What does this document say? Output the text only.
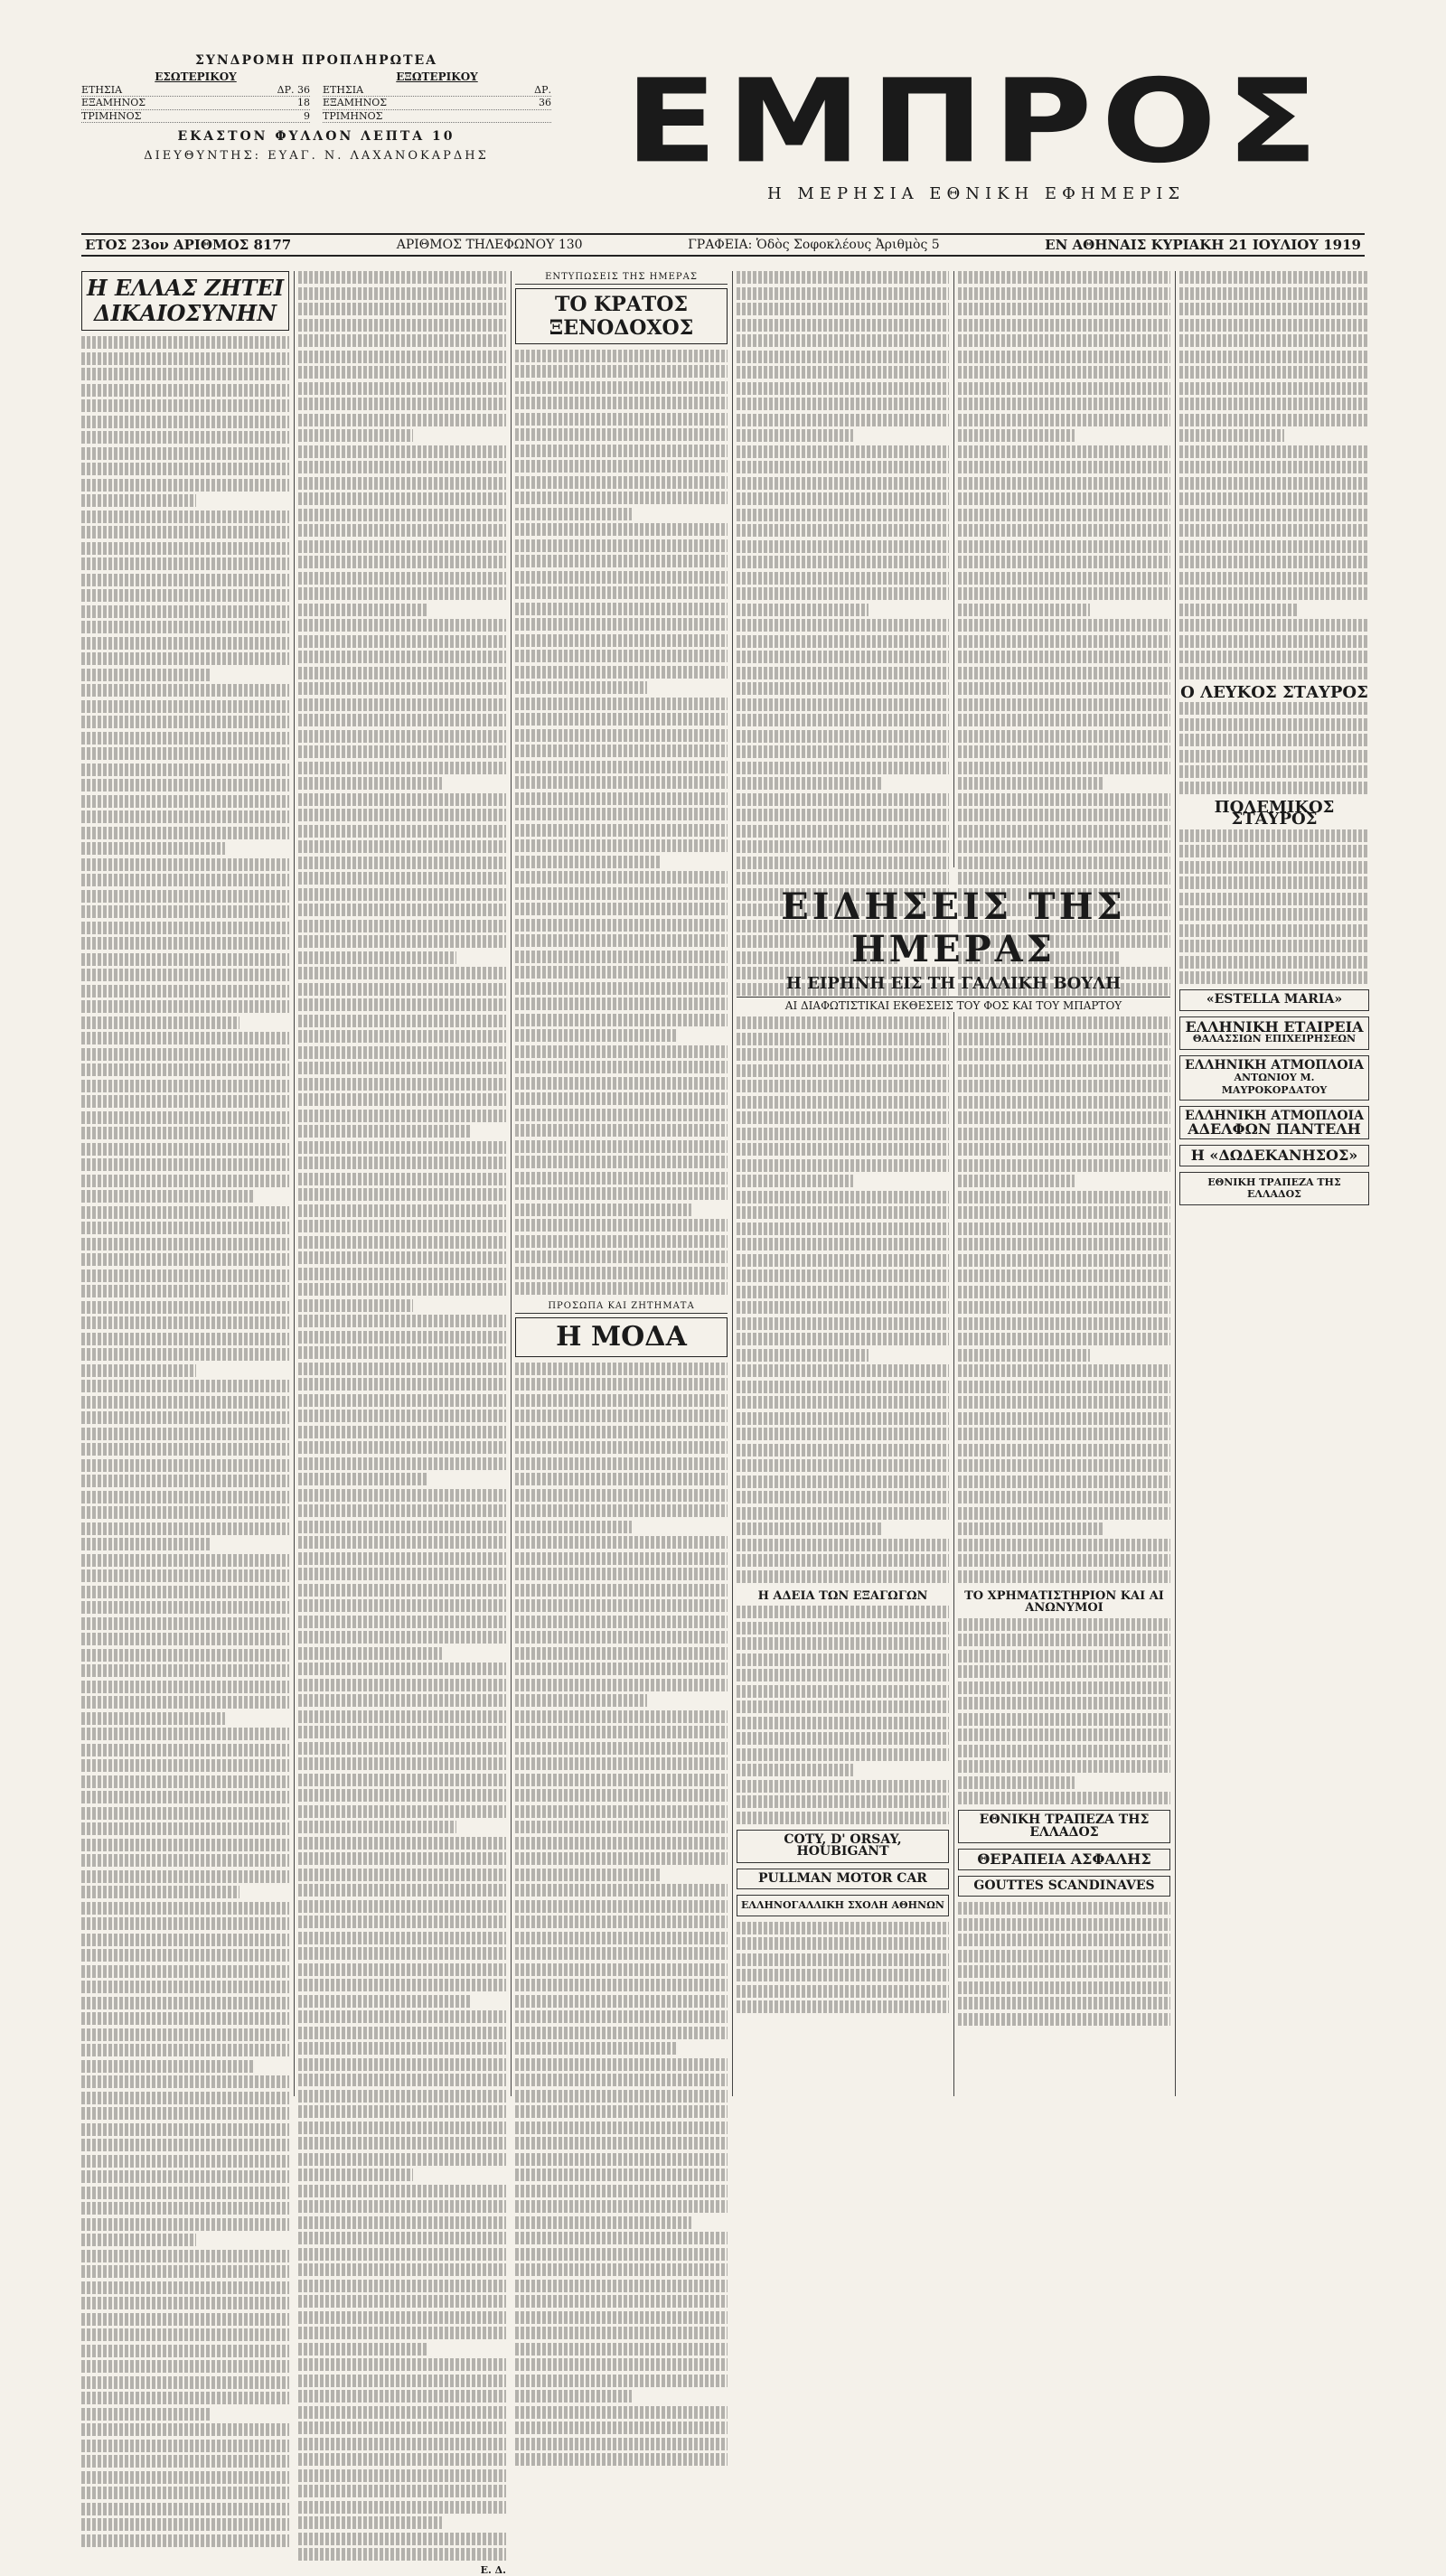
ΣΥΝΔΡΟΜΗ ΠΡΟΠΛΗΡΩΤΕΑ
ΕΣΩΤΕΡΙΚΟΥ
ΕΤΗΣΙΑ	ΔΡ. 36
ΕΞΑΜΗΝΟΣ	18
ΤΡΙΜΗΝΟΣ	9
ΕΞΩΤΕΡΙΚΟΥ
ΕΤΗΣΙΑ	ΔΡ.
ΕΞΑΜΗΝΟΣ	36
ΤΡΙΜΗΝΟΣ
ΕΚΑΣΤΟΝ ΦΥΛΛΟΝ ΛΕΠΤΑ 10
ΔΙΕΥΘΥΝΤΗΣ: ΕΥΑΓ. Ν. ΛΑΧΑΝΟΚΑΡΔΗΣ	ΕΜΠΡΟΣ
Η ΜΕΡΗΣΙΑ ΕΘΝΙΚΗ ΕΦΗΜΕΡΙΣ
ΕΤΟΣ 23ον ΑΡΙΘΜΟΣ 8177	ΑΡΙΘΜΟΣ ΤΗΛΕΦΩΝΟΥ 130	ΓΡΑΦΕΙΑ: Ὁδὸς Σοφοκλέους Ἀριθμὸς 5	ΕΝ ΑΘΗΝΑΙΣ ΚΥΡΙΑΚΗ 21 ΙΟΥΛΙΟΥ 1919
Η ΕΛΛΑΣ ΖΗΤΕΙ ΔΙΚΑΙΟΣΥΝΗΝ
Ε. Δ.
ΕΝΤΥΠΩΣΕΙΣ ΤΗΣ ΗΜΕΡΑΣ
ΤΟ ΚΡΑΤΟΣ ΞΕΝΟΔΟΧΟΣ
ΠΡΟΣΩΠΑ ΚΑΙ ΖΗΤΗΜΑΤΑ
Η ΜΟΔΑ
ΕΙΔΗΣΕΙΣ ΤΗΣ ΗΜΕΡΑΣ
Η ΕΙΡΗΝΗ ΕΙΣ ΤΗ ΓΑΛΛΙΚΗ ΒΟΥΛΗ
ΑΙ ΔΙΑΦΩΤΙΣΤΙΚΑΙ ΕΚΘΕΣΕΙΣ ΤΟΥ ΦΟΣ ΚΑΙ ΤΟΥ ΜΠΑΡΤΟΥ
Η ΑΔΕΙΑ ΤΩΝ ΕΞΑΓΩΓΩΝ
COTY, D' ORSAY, HOUBIGANT
PULLMAN MOTOR CAR
ΕΛΛΗΝΟΓΑΛΛΙΚΗ ΣΧΟΛΗ ΑΘΗΝΩΝ
ΤΟ ΧΡΗΜΑΤΙΣΤΗΡΙΟΝ ΚΑΙ ΑΙ ΑΝΩΝΥΜΟΙ
ΕΘΝΙΚΗ ΤΡΑΠΕΖΑ ΤΗΣ ΕΛΛΑΔΟΣ
ΘΕΡΑΠΕΙΑ ΑΣΦΑΛΗΣ
GOUTTES SCANDINAVES
Ο ΛΕΥΚΟΣ ΣΤΑΥΡΟΣ
ΠΟΛΕΜΙΚΟΣ ΣΤΑΥΡΟΣ
«ESTELLA MARIA»
ΕΛΛΗΝΙΚΗ ΕΤΑΙΡΕΙΑ
ΘΑΛΑΣΣΙΩΝ ΕΠΙΧΕΙΡΗΣΕΩΝ
ΕΛΛΗΝΙΚΗ ΑΤΜΟΠΛΟΙΑ
ΑΝΤΩΝΙΟΥ Μ. ΜΑΥΡΟΚΟΡΔΑΤΟΥ
ΕΛΛΗΝΙΚΗ ΑΤΜΟΠΛΟΙΑ
ΑΔΕΛΦΩΝ ΠΑΝΤΕΛΗ
Η «ΔΩΔΕΚΑΝΗΣΟΣ»
ΕΘΝΙΚΗ ΤΡΑΠΕΖΑ ΤΗΣ ΕΛΛΑΔΟΣ
